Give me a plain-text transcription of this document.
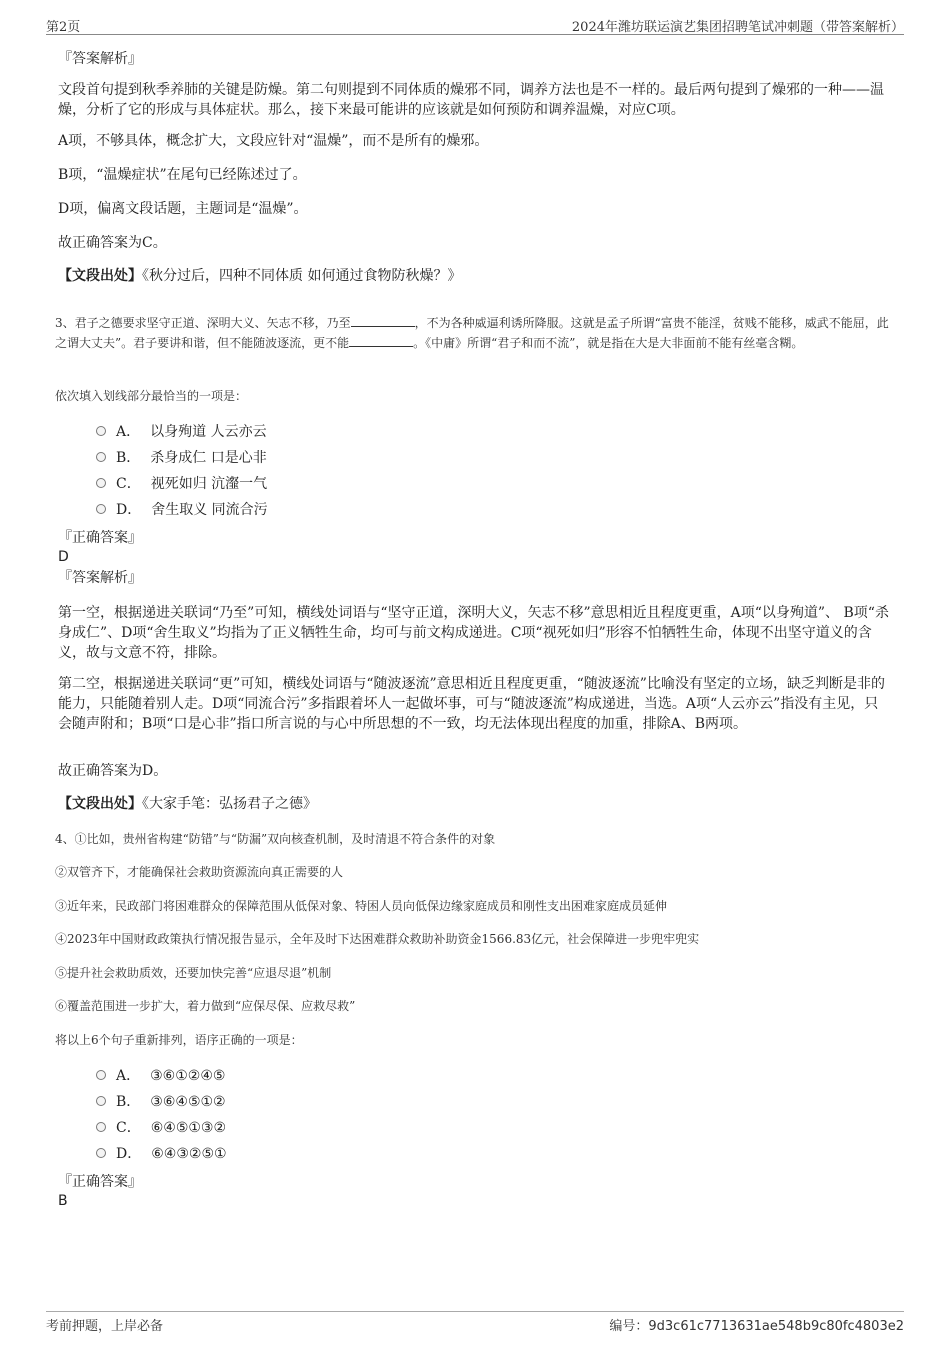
第2页	2024年潍坊联运演艺集团招聘笔试冲刺题（带答案解析）
『答案解析』
文段首句提到秋季养肺的关键是防燥。第二句则提到不同体质的燥邪不同，调养方法也是不一样的。最后两句提到了燥邪的一种——温燥，分析了它的形成与具体症状。那么，接下来最可能讲的应该就是如何预防和调养温燥，对应C项。
A项，不够具体，概念扩大，文段应针对“温燥”，而不是所有的燥邪。
B项，“温燥症状”在尾句已经陈述过了。
D项，偏离文段话题，主题词是“温燥”。
故正确答案为C。
【文段出处】《秋分过后，四种不同体质 如何通过食物防秋燥？》
3、君子之德要求坚守正道、深明大义、矢志不移，乃至	，不为各种威逼利诱所降服。这就是孟子所谓“富贵不能淫，贫贱不能移，威武不能屈，此之谓大丈夫”。君子要讲和谐，但不能随波逐流，更不能	。《中庸》所谓“君子和而不流”，就是指在大是大非面前不能有丝毫含糊。
依次填入划线部分最恰当的一项是：
A． 以身殉道 人云亦云
B． 杀身成仁 口是心非
C． 视死如归 沆瀣一气
D． 舍生取义 同流合污
『正确答案』
D
『答案解析』
第一空，根据递进关联词“乃至”可知，横线处词语与“坚守正道，深明大义，矢志不移”意思相近且程度更重，A项“以身殉道”、 B项“杀身成仁”、D项“舍生取义”均指为了正义牺牲生命，均可与前文构成递进。C项“视死如归”形容不怕牺牲生命，体现不出坚守道义的含义，故与文意不符，排除。
第二空，根据递进关联词“更”可知，横线处词语与“随波逐流”意思相近且程度更重，“随波逐流”比喻没有坚定的立场，缺乏判断是非的能力，只能随着别人走。D项“同流合污”多指跟着坏人一起做坏事，可与“随波逐流”构成递进，当选。A项“人云亦云”指没有主见，只会随声附和；B项“口是心非”指口所言说的与心中所思想的不一致，均无法体现出程度的加重，排除A、B两项。
故正确答案为D。
【文段出处】《大家手笔：弘扬君子之德》
4、①比如，贵州省构建“防错”与“防漏”双向核查机制，及时清退不符合条件的对象
②双管齐下，才能确保社会救助资源流向真正需要的人
③近年来，民政部门将困难群众的保障范围从低保对象、特困人员向低保边缘家庭成员和刚性支出困难家庭成员延伸
④2023年中国财政政策执行情况报告显示，全年及时下达困难群众救助补助资金1566.83亿元，社会保障进一步兜牢兜实
⑤提升社会救助质效，还要加快完善“应退尽退”机制
⑥覆盖范围进一步扩大，着力做到“应保尽保、应救尽救”
将以上6个句子重新排列，语序正确的一项是：
A． ③⑥①②④⑤
B． ③⑥④⑤①②
C． ⑥④⑤①③②
D． ⑥④③②⑤①
『正确答案』
B
考前押题，上岸必备	编号：9d3c61c7713631ae548b9c80fc4803e2
